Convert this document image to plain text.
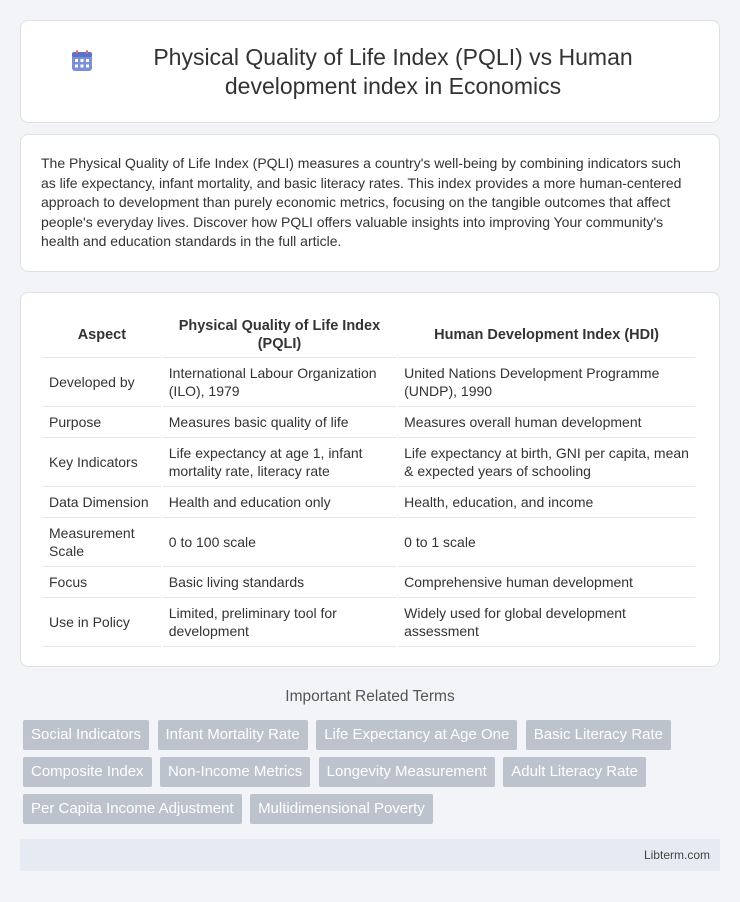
Physical Quality of Life Index (PQLI) vs Human development index in Economics

The Physical Quality of Life Index (PQLI) measures a country's well-being by combining indicators such as life expectancy, infant mortality, and basic literacy rates. This index provides a more human-centered approach to development than purely economic metrics, focusing on the tangible outcomes that affect people's everyday lives. Discover how PQLI offers valuable insights into improving Your community's health and education standards in the full article.

Aspect	Physical Quality of Life Index (PQLI)	Human Development Index (HDI)
Developed by	International Labour Organization (ILO), 1979	United Nations Development Programme (UNDP), 1990
Purpose	Measures basic quality of life	Measures overall human development
Key Indicators	Life expectancy at age 1, infant mortality rate, literacy rate	Life expectancy at birth, GNI per capita, mean & expected years of schooling
Data Dimension	Health and education only	Health, education, and income
Measurement Scale	0 to 100 scale	0 to 1 scale
Focus	Basic living standards	Comprehensive human development
Use in Policy	Limited, preliminary tool for development	Widely used for global development assessment
Important Related Terms
Social Indicators Infant Mortality Rate Life Expectancy at Age One Basic Literacy Rate Composite Index Non-Income Metrics Longevity Measurement Adult Literacy Rate Per Capita Income Adjustment Multidimensional Poverty
Libterm.com
